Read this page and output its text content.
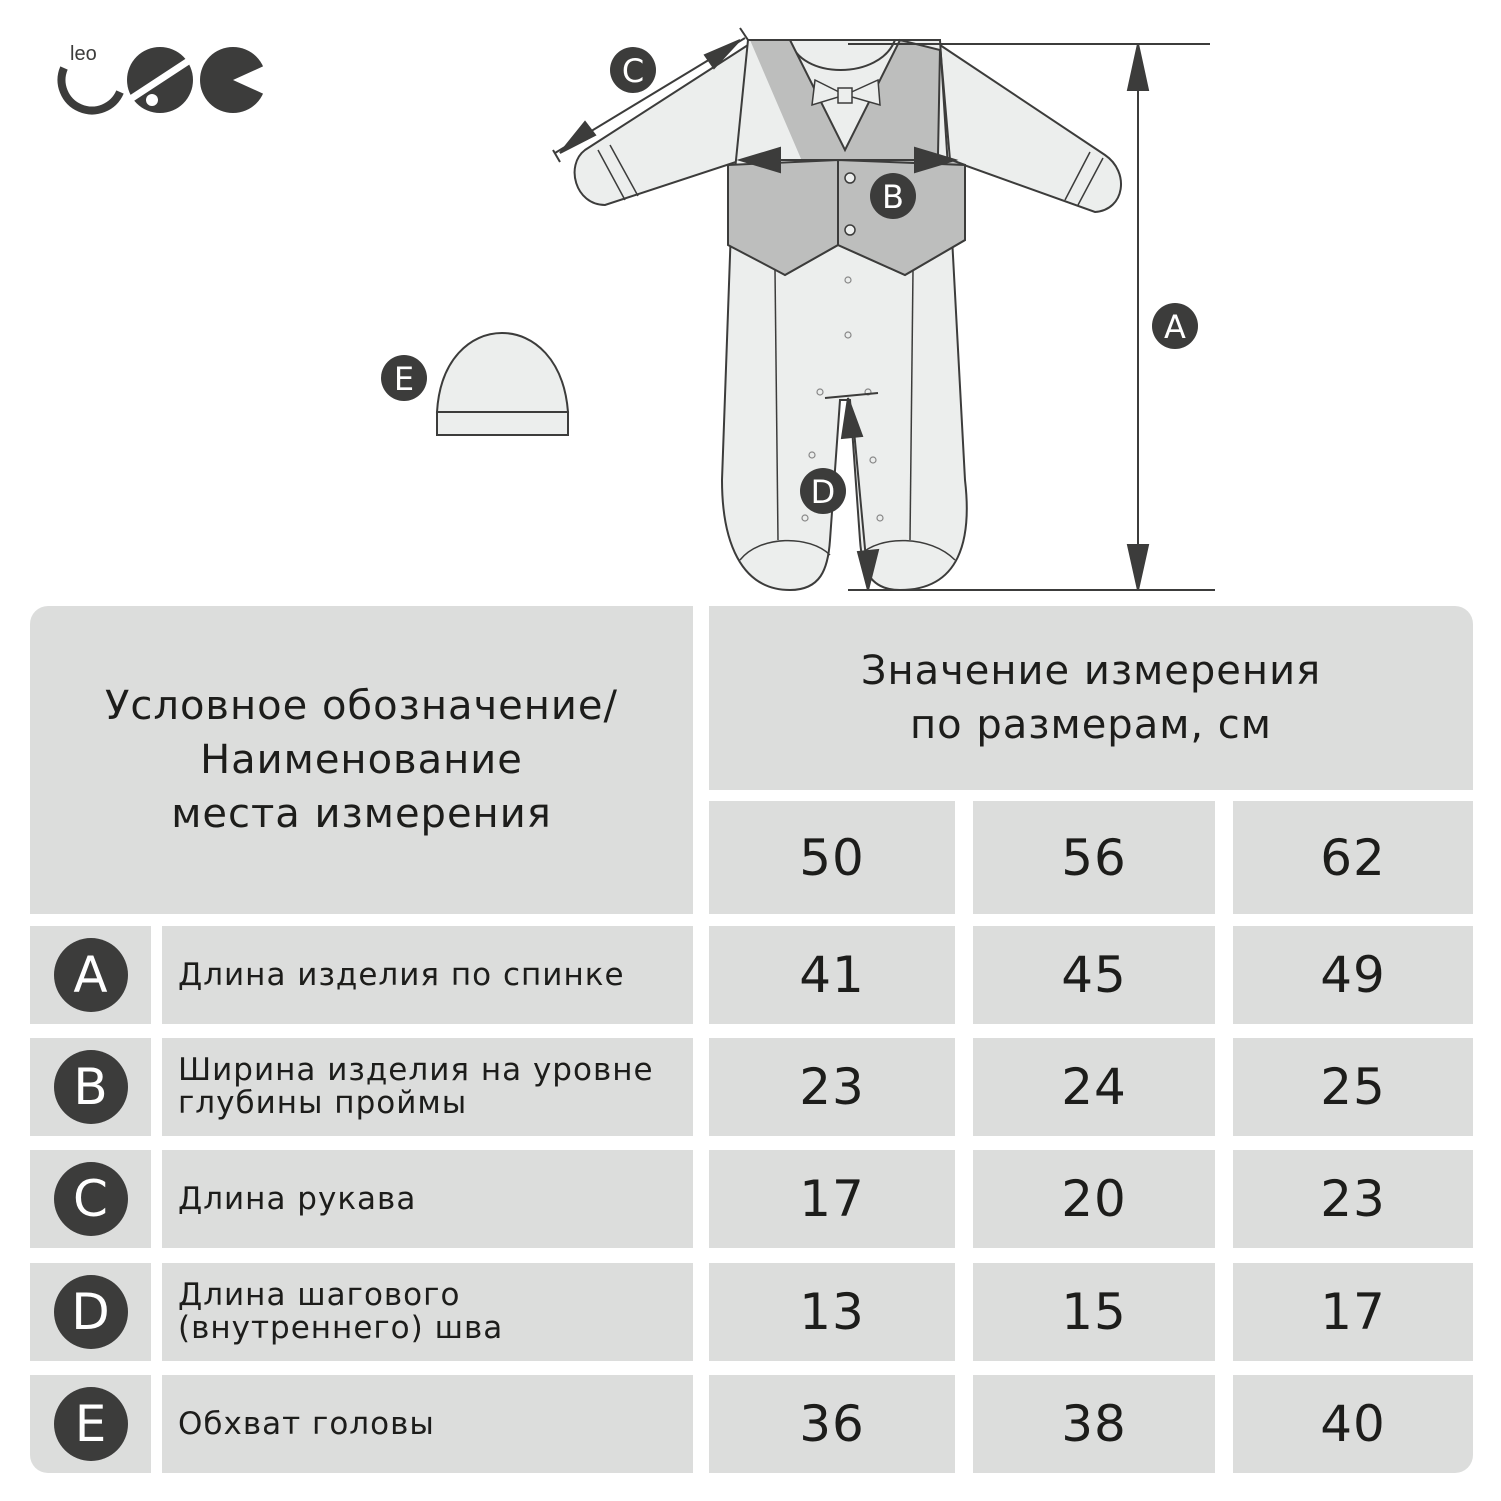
leo	C
B
A
D
E
Условное обозначение/
Наименование
места измерения
Значение измерения
по размерам, см
50	56	62
A	Длина изделия по спинке	41	45	49
B	Ширина изделия на уровне
глубины проймы	23	24	25
C	Длина рукава	17	20	23
D	Длина шагового
(внутреннего) шва	13	15	17
E	Обхват головы	36	38	40
